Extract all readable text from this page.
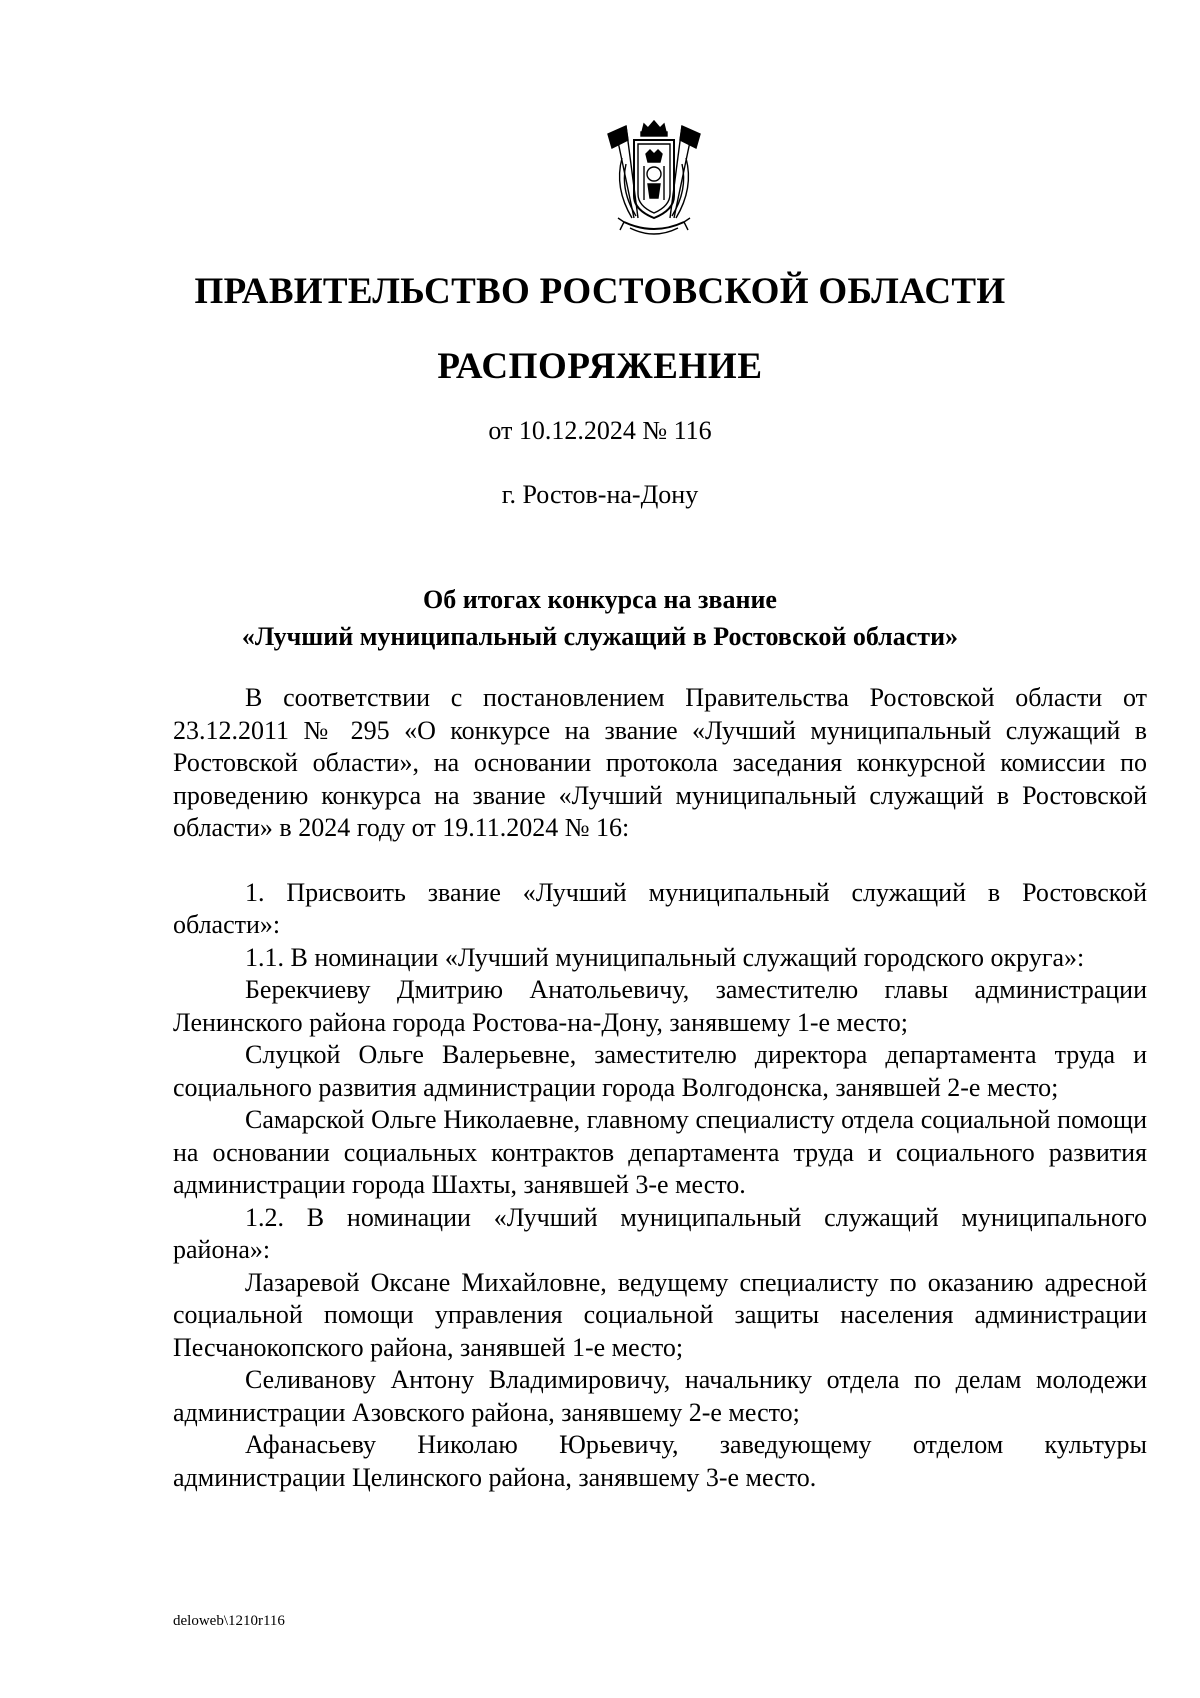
ПРАВИТЕЛЬСТВО РОСТОВСКОЙ ОБЛАСТИ
РАСПОРЯЖЕНИЕ
от 10.12.2024 № 116
г. Ростов-на-Дону
Об итогах конкурса на звание
«Лучший муниципальный служащий в Ростовской области»

В соответствии с постановлением Правительства Ростовской области от 23.12.2011 № 295 «О конкурсе на звание «Лучший муниципальный служащий в Ростовской области», на основании протокола заседания конкурсной комиссии по проведению конкурса на звание «Лучший муниципальный служащий в Ростовской области» в 2024 году от 19.11.2024 № 16:

1. Присвоить звание «Лучший муниципальный служащий в Ростовской области»:

1.1. В номинации «Лучший муниципальный служащий городского округа»:

Берекчиеву Дмитрию Анатольевичу, заместителю главы администрации Ленинского района города Ростова-на-Дону, занявшему 1-е место;

Слуцкой Ольге Валерьевне, заместителю директора департамента труда и социального развития администрации города Волгодонска, занявшей 2-е место;

Самарской Ольге Николаевне, главному специалисту отдела социальной помощи на основании социальных контрактов департамента труда и социального развития администрации города Шахты, занявшей 3-е место.

1.2. В номинации «Лучший муниципальный служащий муниципального района»:

Лазаревой Оксане Михайловне, ведущему специалисту по оказанию адресной социальной помощи управления социальной защиты населения администрации Песчанокопского района, занявшей 1-е место;

Селиванову Антону Владимировичу, начальнику отдела по делам молодежи администрации Азовского района, занявшему 2-е место;

Афанасьеву Николаю Юрьевичу, заведующему отделом культуры администрации Целинского района, занявшему 3-е место.

deloweb\1210r116
